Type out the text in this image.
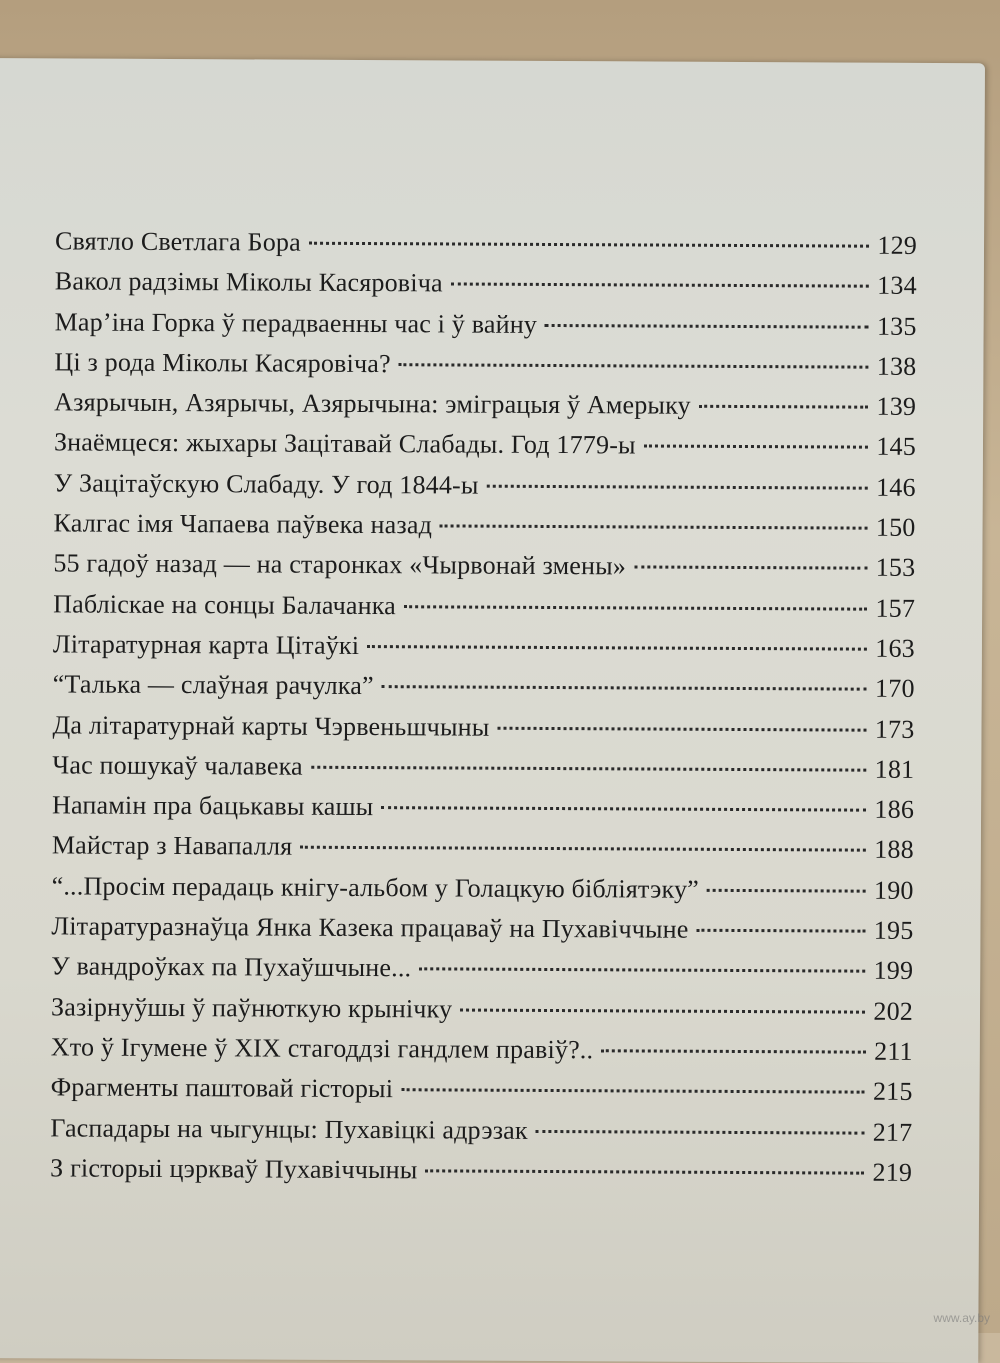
Святло Светлага Бора	129
Вакол радзімы Міколы Касяровіча	134
Мар’іна Горка ў перадваенны час і ў вайну	135
Ці з рода Міколы Касяровіча?	138
Азярычын, Азярычы, Азярычына: эміграцыя ў Амерыку	139
Знаёмцеся: жыхары Зацітавай Слабады. Год 1779-ы	145
У Зацітаўскую Слабаду. У год 1844-ы	146
Калгас імя Чапаева паўвека назад	150
55 гадоў назад — на старонках «Чырвонай змены»	153
Пабліскае на сонцы Балачанка	157
Літаратурная карта Цітаўкі	163
“Талька — слаўная рачулка”	170
Да літаратурнай карты Чэрвеньшчыны	173
Час пошукаў чалавека	181
Напамін пра бацькавы кашы	186
Майстар з Навапалля	188
“...Просім перадаць кнігу-альбом у Голацкую бібліятэку”	190
Літаратуразнаўца Янка Казека працаваў на Пухавіччыне	195
У вандроўках па Пухаўшчыне...	199
Зазірнуўшы ў паўнюткую крынічку	202
Хто ў Ігумене ў XIX стагоддзі гандлем правіў?..	211
Фрагменты паштовай гісторыі	215
Гаспадары на чыгунцы: Пухавіцкі адрэзак	217
З гісторыі цэркваў Пухавіччыны	219
www.ay.by
